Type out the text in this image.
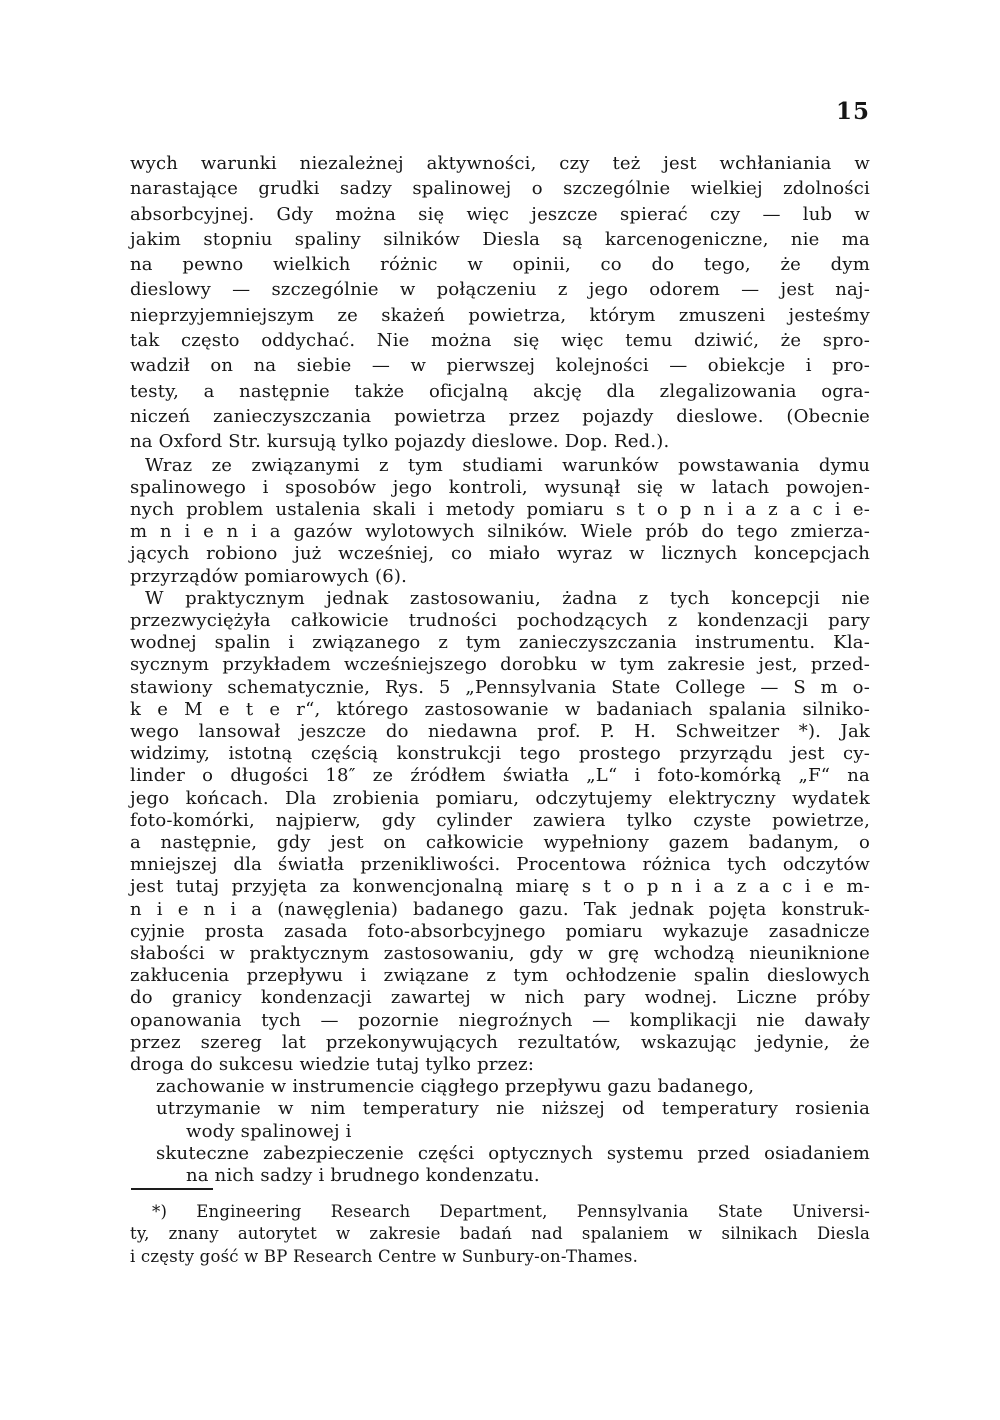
15
wych warunki niezależnej aktywności, czy też jest wchłaniania w
narastające grudki sadzy spalinowej o szczególnie wielkiej zdolności
absorbcyjnej. Gdy można się więc jeszcze spierać czy — lub w
jakim stopniu spaliny silników Diesla są karcenogeniczne, nie ma
na pewno wielkich różnic w opinii, co do tego, że dym
dieslowy — szczególnie w połączeniu z jego odorem — jest naj-
nieprzyjemniejszym ze skażeń powietrza, którym zmuszeni jesteśmy
tak często oddychać. Nie można się więc temu dziwić, że spro-
wadził on na siebie — w pierwszej kolejności — obiekcje i pro-
testy, a następnie także oficjalną akcję dla zlegalizowania ogra-
niczeń zanieczyszczania powietrza przez pojazdy dieslowe. (Obecnie
na Oxford Str. kursują tylko pojazdy dieslowe. Dop. Red.).
Wraz ze związanymi z tym studiami warunków powstawania dymu
spalinowego i sposobów jego kontroli, wysunął się w latach powojen-
nych problem ustalenia skali i metody pomiaru s t o p n i a z a c i e-
m n i e n i a gazów wylotowych silników. Wiele prób do tego zmierza-
jących robiono już wcześniej, co miało wyraz w licznych koncepcjach
przyrządów pomiarowych (6).
W praktycznym jednak zastosowaniu, żadna z tych koncepcji nie
przezwyciężyła całkowicie trudności pochodzących z kondenzacji pary
wodnej spalin i związanego z tym zanieczyszczania instrumentu. Kla-
sycznym przykładem wcześniejszego dorobku w tym zakresie jest, przed-
stawiony schematycznie, Rys. 5 „Pennsylvania State College — S m o-
k e M e t e r“, którego zastosowanie w badaniach spalania silniko-
wego lansował jeszcze do niedawna prof. P. H. Schweitzer *). Jak
widzimy, istotną częścią konstrukcji tego prostego przyrządu jest cy-
linder o długości 18″ ze źródłem światła „L“ i foto-komórką „F“ na
jego końcach. Dla zrobienia pomiaru, odczytujemy elektryczny wydatek
foto-komórki, najpierw, gdy cylinder zawiera tylko czyste powietrze,
a następnie, gdy jest on całkowicie wypełniony gazem badanym, o
mniejszej dla światła przenikliwości. Procentowa różnica tych odczytów
jest tutaj przyjęta za konwencjonalną miarę s t o p n i a z a c i e m-
n i e n i a (nawęglenia) badanego gazu. Tak jednak pojęta konstruk-
cyjnie prosta zasada foto-absorbcyjnego pomiaru wykazuje zasadnicze
słabości w praktycznym zastosowaniu, gdy w grę wchodzą nieuniknione
zakłucenia przepływu i związane z tym ochłodzenie spalin dieslowych
do granicy kondenzacji zawartej w nich pary wodnej. Liczne próby
opanowania tych — pozornie niegroźnych — komplikacji nie dawały
przez szereg lat przekonywujących rezultatów, wskazując jedynie, że
droga do sukcesu wiedzie tutaj tylko przez:
zachowanie w instrumencie ciągłego przepływu gazu badanego,
utrzymanie w nim temperatury nie niższej od temperatury rosienia
wody spalinowej i
skuteczne zabezpieczenie części optycznych systemu przed osiadaniem
na nich sadzy i brudnego kondenzatu.
*) Engineering Research Department, Pennsylvania State Universi-
ty, znany autorytet w zakresie badań nad spalaniem w silnikach Diesla
i częsty gość w BP Research Centre w Sunbury-on-Thames.
